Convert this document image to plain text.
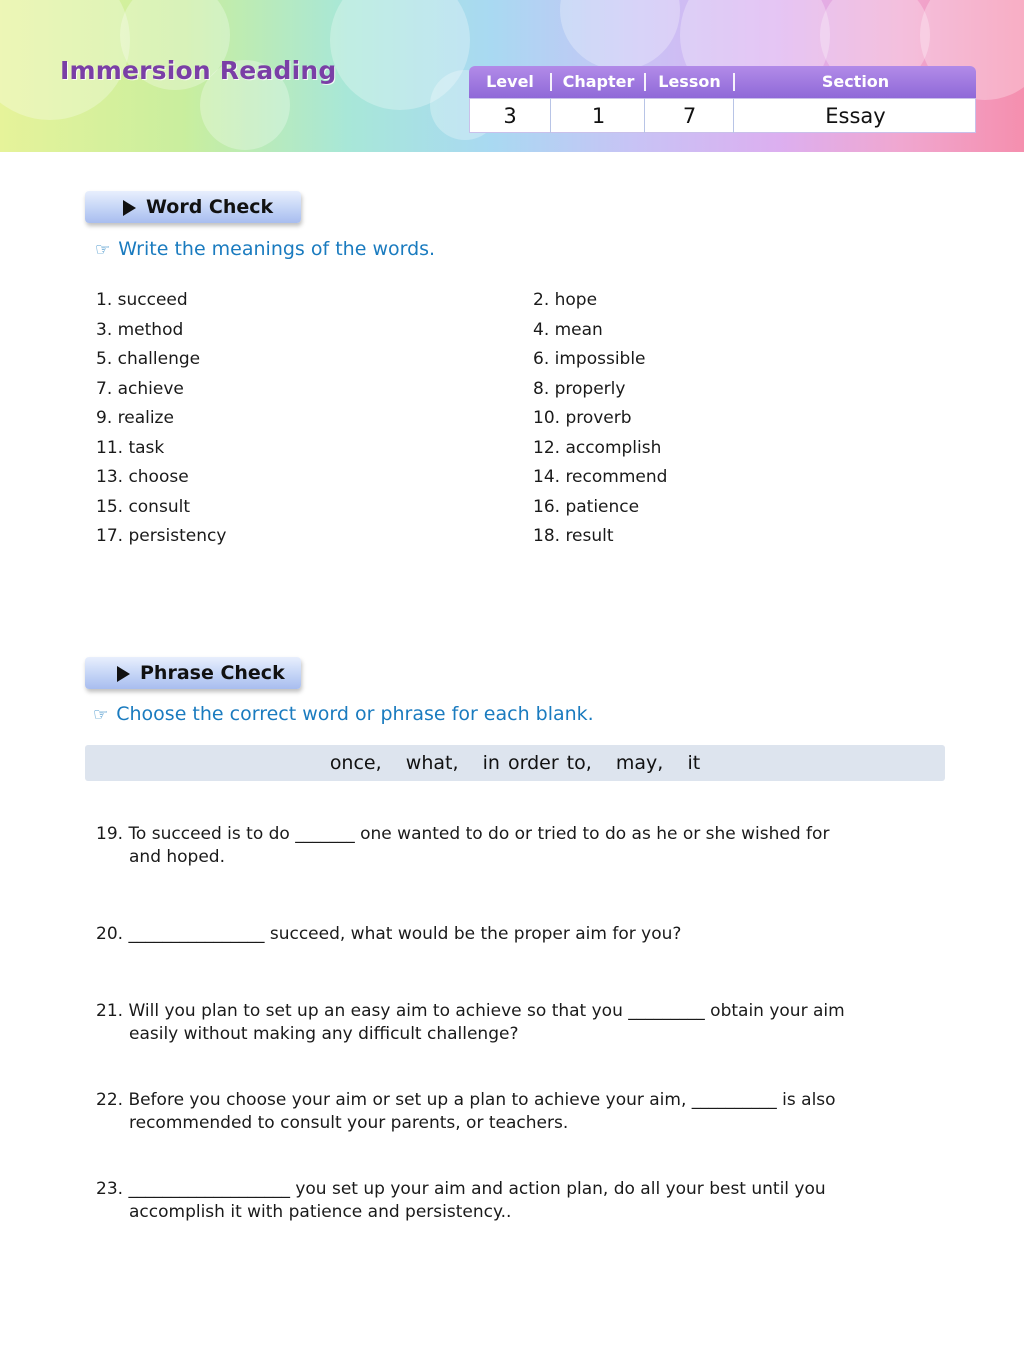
Immersion Reading	Level	Chapter	Lesson	Section
3	1	7	Essay
Word Check
☞ Write the meanings of the words.
1. succeed	2. hope
3. method	4. mean
5. challenge	6. impossible
7. achieve	8. properly
9. realize	10. proverb
11. task	12. accomplish
13. choose	14. recommend
15. consult	16. patience
17. persistency	18. result
Phrase Check
☞ Choose the correct word or phrase for each blank.
once,   what,   in order to,   may,   it
19. To succeed is to do _______ one wanted to do or tried to do as he or she wished for
and hoped.
20. ________________ succeed, what would be the proper aim for you?
21. Will you plan to set up an easy aim to achieve so that you _________ obtain your aim
easily without making any difficult challenge?
22. Before you choose your aim or set up a plan to achieve your aim, __________ is also
recommended to consult your parents, or teachers.
23. ___________________ you set up your aim and action plan, do all your best until you
accomplish it with patience and persistency..
